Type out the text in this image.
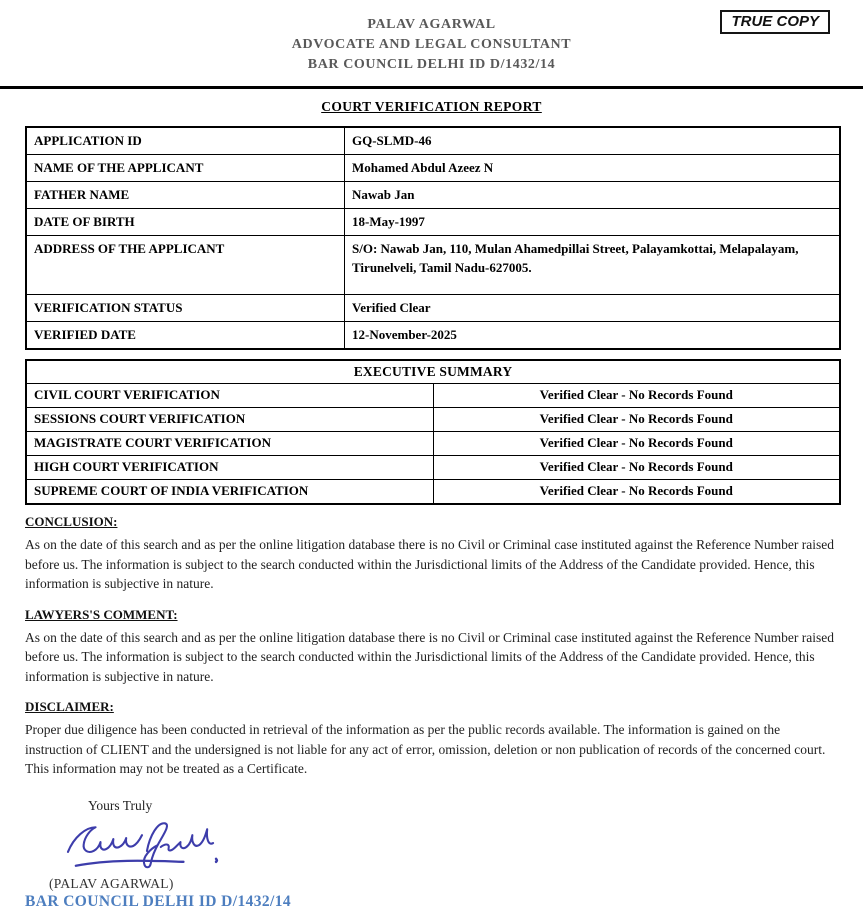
PALAV AGARWAL
ADVOCATE AND LEGAL CONSULTANT
BAR COUNCIL DELHI ID D/1432/14
TRUE COPY
COURT VERIFICATION REPORT
APPLICATION ID	GQ-SLMD-46
NAME OF THE APPLICANT	Mohamed Abdul Azeez N
FATHER NAME	Nawab Jan
DATE OF BIRTH	18-May-1997
ADDRESS OF THE APPLICANT	S/O: Nawab Jan, 110, Mulan Ahamedpillai Street, Palayamkottai, Melapalayam, Tirunelveli, Tamil Nadu-627005.
VERIFICATION STATUS	Verified Clear
VERIFIED DATE	12-November-2025
EXECUTIVE SUMMARY	
CIVIL COURT VERIFICATION	Verified Clear - No Records Found
SESSIONS COURT VERIFICATION	Verified Clear - No Records Found
MAGISTRATE COURT VERIFICATION	Verified Clear - No Records Found
HIGH COURT VERIFICATION	Verified Clear - No Records Found
SUPREME COURT OF INDIA VERIFICATION	Verified Clear - No Records Found
CONCLUSION:

As on the date of this search and as per the online litigation database there is no Civil or Criminal case instituted against the Reference Number raised before us. The information is subject to the search conducted within the Jurisdictional limits of the Address of the Candidate provided. Hence, this information is subjective in nature.

LAWYERS'S COMMENT:

As on the date of this search and as per the online litigation database there is no Civil or Criminal case instituted against the Reference Number raised before us. The information is subject to the search conducted within the Jurisdictional limits of the Address of the Candidate provided. Hence, this information is subjective in nature.

DISCLAIMER:

Proper due diligence has been conducted in retrieval of the information as per the public records available. The information is gained on the instruction of CLIENT and the undersigned is not liable for any act of error, omission, deletion or non publication of records of the concerned court. This information may not be treated as a Certificate.

Yours Truly
(PALAV AGARWAL)
BAR COUNCIL DELHI ID D/1432/14
